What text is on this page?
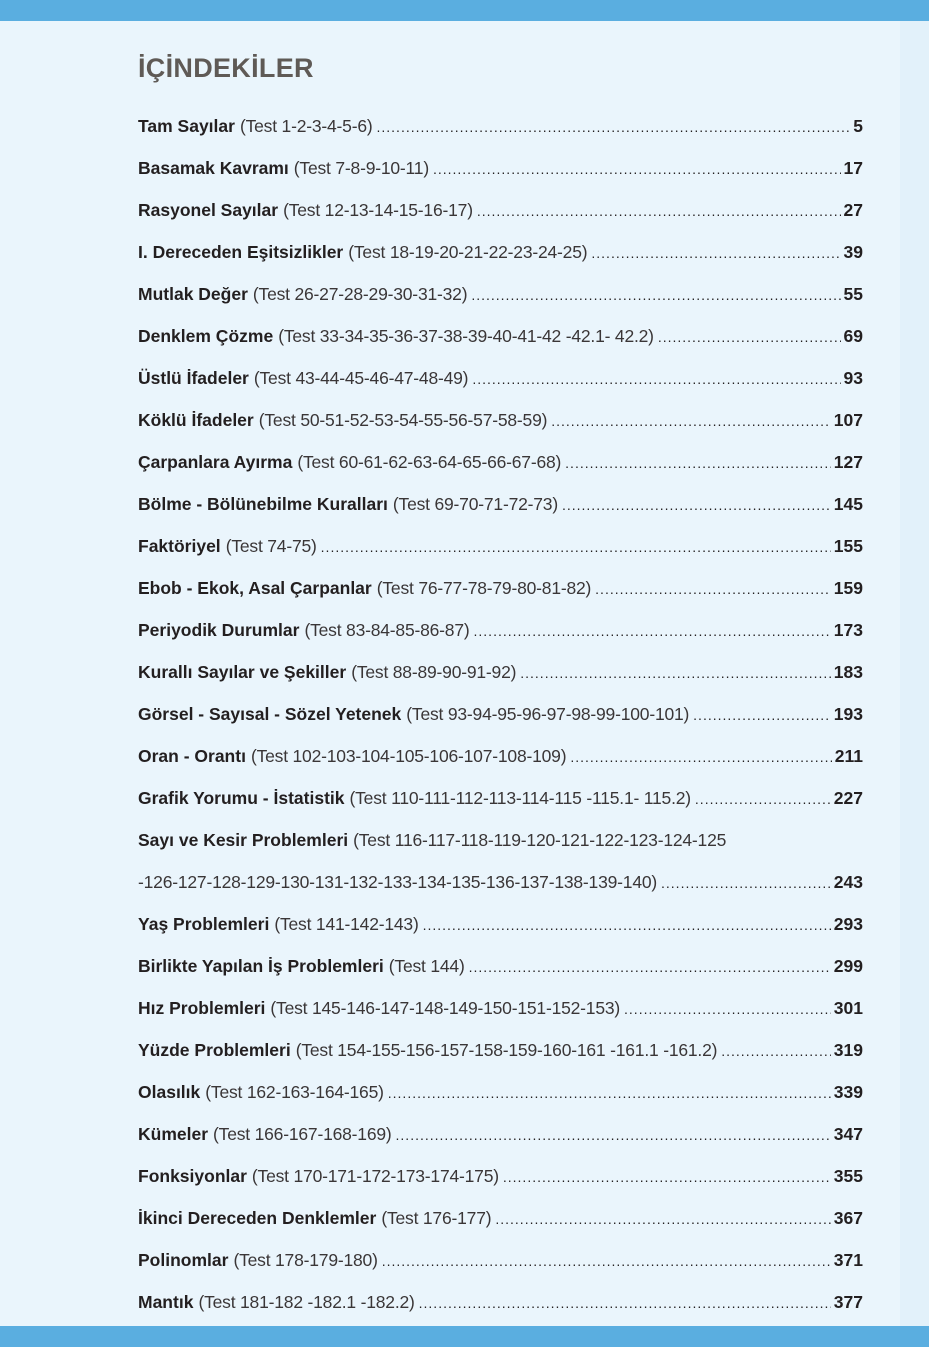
İÇİNDEKİLER
Tam Sayılar (Test 1-2-3-4-5-6) .....	5
Basamak Kavramı (Test 7-8-9-10-11) .....	17
Rasyonel Sayılar (Test 12-13-14-15-16-17) .....	27
I. Dereceden Eşitsizlikler (Test 18-19-20-21-22-23-24-25) .....	39
Mutlak Değer (Test 26-27-28-29-30-31-32) .....	55
Denklem Çözme (Test 33-34-35-36-37-38-39-40-41-42 -42.1- 42.2) .....	69
Üstlü İfadeler (Test 43-44-45-46-47-48-49) .....	93
Köklü İfadeler (Test 50-51-52-53-54-55-56-57-58-59) .....	107
Çarpanlara Ayırma (Test 60-61-62-63-64-65-66-67-68) .....	127
Bölme - Bölünebilme Kuralları (Test 69-70-71-72-73) .....	145
Faktöriyel (Test 74-75) .....	155
Ebob - Ekok, Asal Çarpanlar (Test 76-77-78-79-80-81-82) .....	159
Periyodik Durumlar (Test 83-84-85-86-87) .....	173
Kurallı Sayılar ve Şekiller (Test 88-89-90-91-92) .....	183
Görsel - Sayısal - Sözel Yetenek (Test 93-94-95-96-97-98-99-100-101) .....	193
Oran - Orantı (Test 102-103-104-105-106-107-108-109) .....	211
Grafik Yorumu - İstatistik (Test 110-111-112-113-114-115 -115.1- 115.2) .....	227
Sayı ve Kesir Problemleri (Test 116-117-118-119-120-121-122-123-124-125
-126-127-128-129-130-131-132-133-134-135-136-137-138-139-140) .....	243
Yaş Problemleri (Test 141-142-143) .....	293
Birlikte Yapılan İş Problemleri (Test 144) .....	299
Hız Problemleri (Test 145-146-147-148-149-150-151-152-153) .....	301
Yüzde Problemleri (Test 154-155-156-157-158-159-160-161 -161.1 -161.2) .....	319
Olasılık (Test 162-163-164-165) .....	339
Kümeler (Test 166-167-168-169) .....	347
Fonksiyonlar (Test 170-171-172-173-174-175) .....	355
İkinci Dereceden Denklemler (Test 176-177) .....	367
Polinomlar (Test 178-179-180) .....	371
Mantık (Test 181-182 -182.1 -182.2) .....	377
